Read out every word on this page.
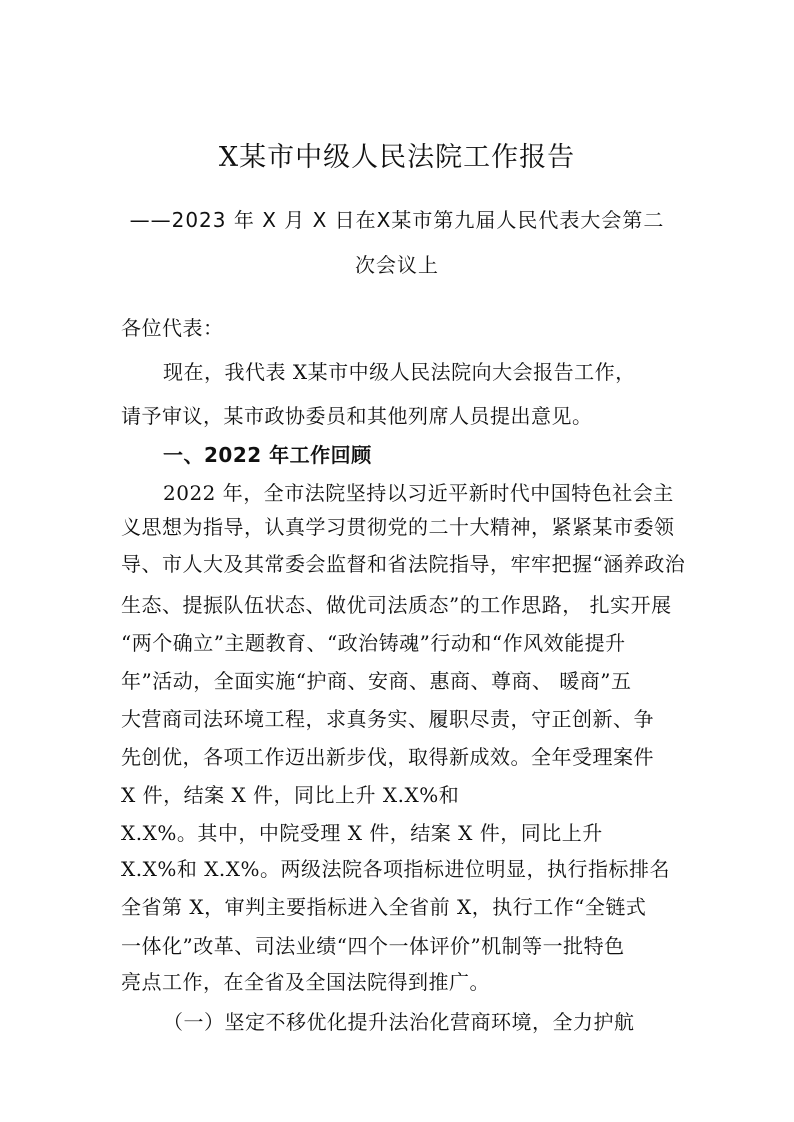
X某市中级人民法院工作报告
——2023 年 X 月 X 日在X某市第九届人民代表大会第二
次会议上
各位代表：
现在，我代表 X某市中级人民法院向大会报告工作，
请予审议，某市政协委员和其他列席人员提出意见。
一、2022 年工作回顾
2022 年，全市法院坚持以习近平新时代中国特色社会主
义思想为指导，认真学习贯彻党的二十大精神，紧紧某市委领
导、市人大及其常委会监督和省法院指导，牢牢把握“涵养政治
生态、提振队伍状态、做优司法质态”的工作思路， 扎实开展
“两个确立”主题教育、“政治铸魂”行动和“作风效能提升
年”活动，全面实施“护商、安商、惠商、尊商、 暖商”五
大营商司法环境工程，求真务实、履职尽责，守正创新、争
先创优，各项工作迈出新步伐，取得新成效。全年受理案件
X 件，结案 X 件，同比上升 X.X%和
X.X%。其中，中院受理 X 件，结案 X 件，同比上升
X.X%和 X.X%。两级法院各项指标进位明显，执行指标排名
全省第 X，审判主要指标进入全省前 X，执行工作“全链式
一体化”改革、司法业绩“四个一体评价”机制等一批特色
亮点工作，在全省及全国法院得到推广。
（一）坚定不移优化提升法治化营商环境，全力护航
